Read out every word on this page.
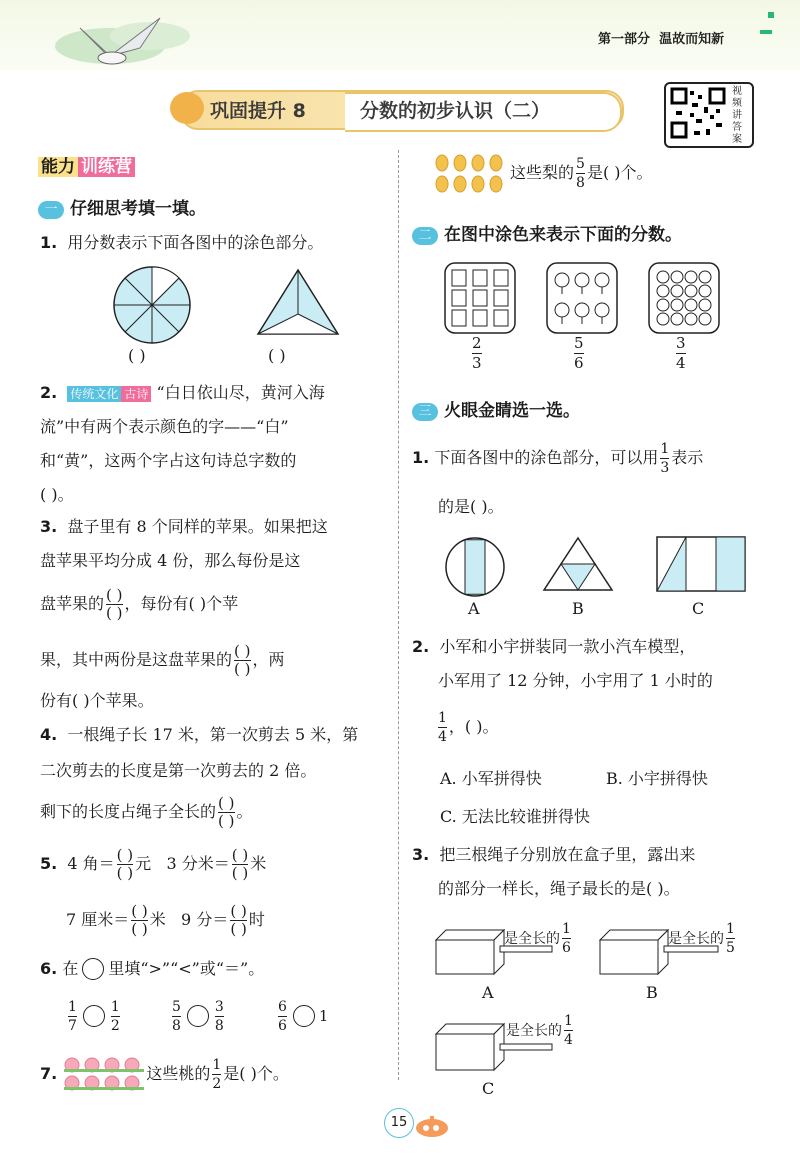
第一部分 温故而知新
巩固提升 8	分数的初步认识（二）
视频讲答案
能力 训练营
一 仔细思考填一填。
1. 用分数表示下面各图中的涂色部分。
( )	( )
2. 传统文化 古诗 “白日依山尽，黄河入海
流”中有两个表示颜色的字——“白”
和“黄”，这两个字占这句诗总字数的
( )。
3. 盘子里有 8 个同样的苹果。如果把这
盘苹果平均分成 4 份，那么每份是这
盘苹果的 ( )
( ) ，每份有( )个苹
果，其中两份是这盘苹果的 ( )
( ) ，两
份有( )个苹果。
4. 一根绳子长 17 米，第一次剪去 5 米，第
二次剪去的长度是第一次剪去的 2 倍。
剩下的长度占绳子全长的 ( )
( ) 。
5.
4 角＝ ( )
( ) 元
3 分米＝ ( )
( ) 米
7 厘米＝ ( )
( ) 米
9 分＝ ( )
( ) 时
6.
在 里填“>”“<”或“＝”。
$\frac{1}{7} \frac{1}{2}$	$\frac{5}{8} \frac{3}{8}$	$\frac{6}{6} 1$
7.
	这些桃的 $\frac{1}{2}$ 是( )个。
这些梨的 $\frac{5}{8}$ 是( )个。
二 在图中涂色来表示下面的分数。
$\frac{2}{3}$	$\frac{5}{6}$	$\frac{3}{4}$
三 火眼金睛选一选。
1.
下面各图中的涂色部分，可以用 $\frac{1}{3}$ 表示
的是( )。
A	B	C
2. 小军和小宇拼装同一款小汽车模型，
小军用了 12 分钟，小宇用了 1 小时的
$\frac{1}{4}$ ，( )。
A. 小军拼得快	B. 小宇拼得快
C. 无法比较谁拼得快
3. 把三根绳子分别放在盒子里，露出来
的部分一样长，绳子最长的是( )。
是全长的 $\frac{1}{6}$
A
是全长的 $\frac{1}{5}$
B
是全长的 $\frac{1}{4}$
C
15
